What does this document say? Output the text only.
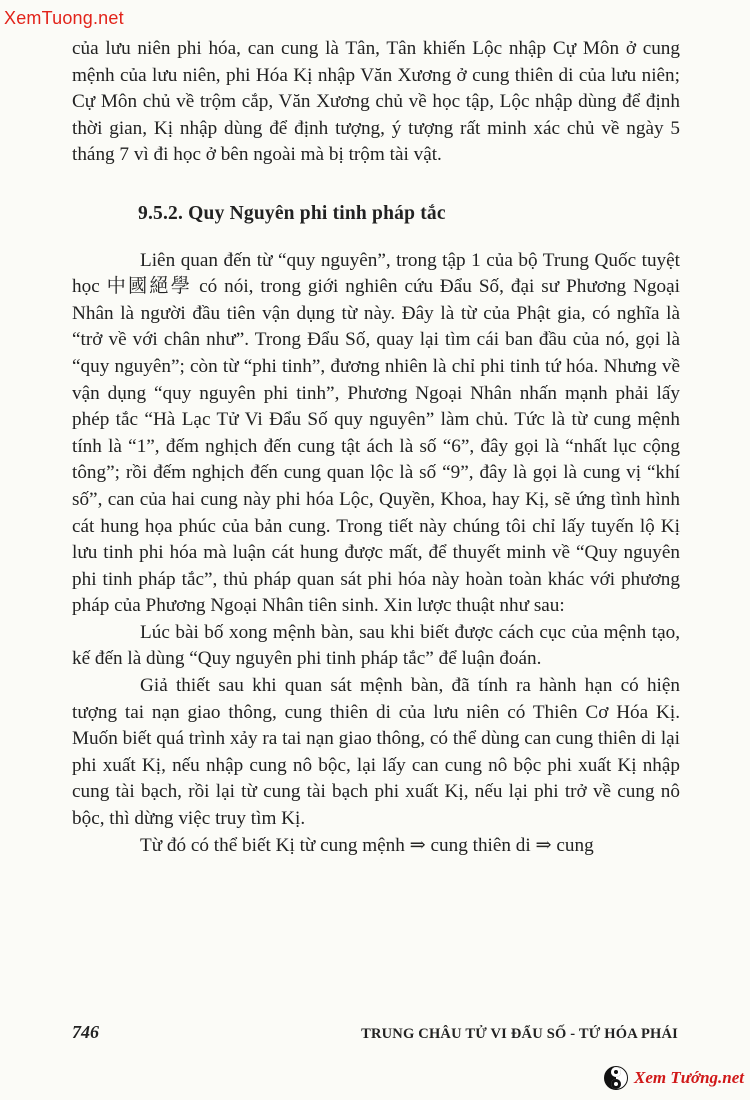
XemTuong.net

của lưu niên phi hóa, can cung là Tân, Tân khiến Lộc nhập Cự Môn ở cung mệnh của lưu niên, phi Hóa Kị nhập Văn Xương ở cung thiên di của lưu niên; Cự Môn chủ về trộm cắp, Văn Xương chủ về học tập, Lộc nhập dùng để định thời gian, Kị nhập dùng để định tượng, ý tượng rất minh xác chủ về ngày 5 tháng 7 vì đi học ở bên ngoài mà bị trộm tài vật.

9.5.2. Quy Nguyên phi tinh pháp tắc

Liên quan đến từ “quy nguyên”, trong tập 1 của bộ Trung Quốc tuyệt học 中國絕學 có nói, trong giới nghiên cứu Đẩu Số, đại sư Phương Ngoại Nhân là người đầu tiên vận dụng từ này. Đây là từ của Phật gia, có nghĩa là “trở về với chân như”. Trong Đẩu Số, quay lại tìm cái ban đầu của nó, gọi là “quy nguyên”; còn từ “phi tinh”, đương nhiên là chỉ phi tinh tứ hóa. Nhưng về vận dụng “quy nguyên phi tinh”, Phương Ngoại Nhân nhấn mạnh phải lấy phép tắc “Hà Lạc Tử Vi Đẩu Số quy nguyên” làm chủ. Tức là từ cung mệnh tính là “1”, đếm nghịch đến cung tật ách là số “6”, đây gọi là “nhất lục cộng tông”; rồi đếm nghịch đến cung quan lộc là số “9”, đây là gọi là cung vị “khí số”, can của hai cung này phi hóa Lộc, Quyền, Khoa, hay Kị, sẽ ứng tình hình cát hung họa phúc của bản cung. Trong tiết này chúng tôi chỉ lấy tuyến lộ Kị lưu tinh phi hóa mà luận cát hung được mất, để thuyết minh về “Quy nguyên phi tinh pháp tắc”, thủ pháp quan sát phi hóa này hoàn toàn khác với phương pháp của Phương Ngoại Nhân tiên sinh. Xin lược thuật như sau:

Lúc bài bố xong mệnh bàn, sau khi biết được cách cục của mệnh tạo, kế đến là dùng “Quy nguyên phi tinh pháp tắc” để luận đoán.

Giả thiết sau khi quan sát mệnh bàn, đã tính ra hành hạn có hiện tượng tai nạn giao thông, cung thiên di của lưu niên có Thiên Cơ Hóa Kị. Muốn biết quá trình xảy ra tai nạn giao thông, có thể dùng can cung thiên di lại phi xuất Kị, nếu nhập cung nô bộc, lại lấy can cung nô bộc phi xuất Kị nhập cung tài bạch, rồi lại từ cung tài bạch phi xuất Kị, nếu lại phi trở về cung nô bộc, thì dừng việc truy tìm Kị.

Từ đó có thể biết Kị từ cung mệnh ⇒ cung thiên di ⇒ cung

746	TRUNG CHÂU TỬ VI ĐẨU SỐ - TỨ HÓA PHÁI
Xem Tướng.net
